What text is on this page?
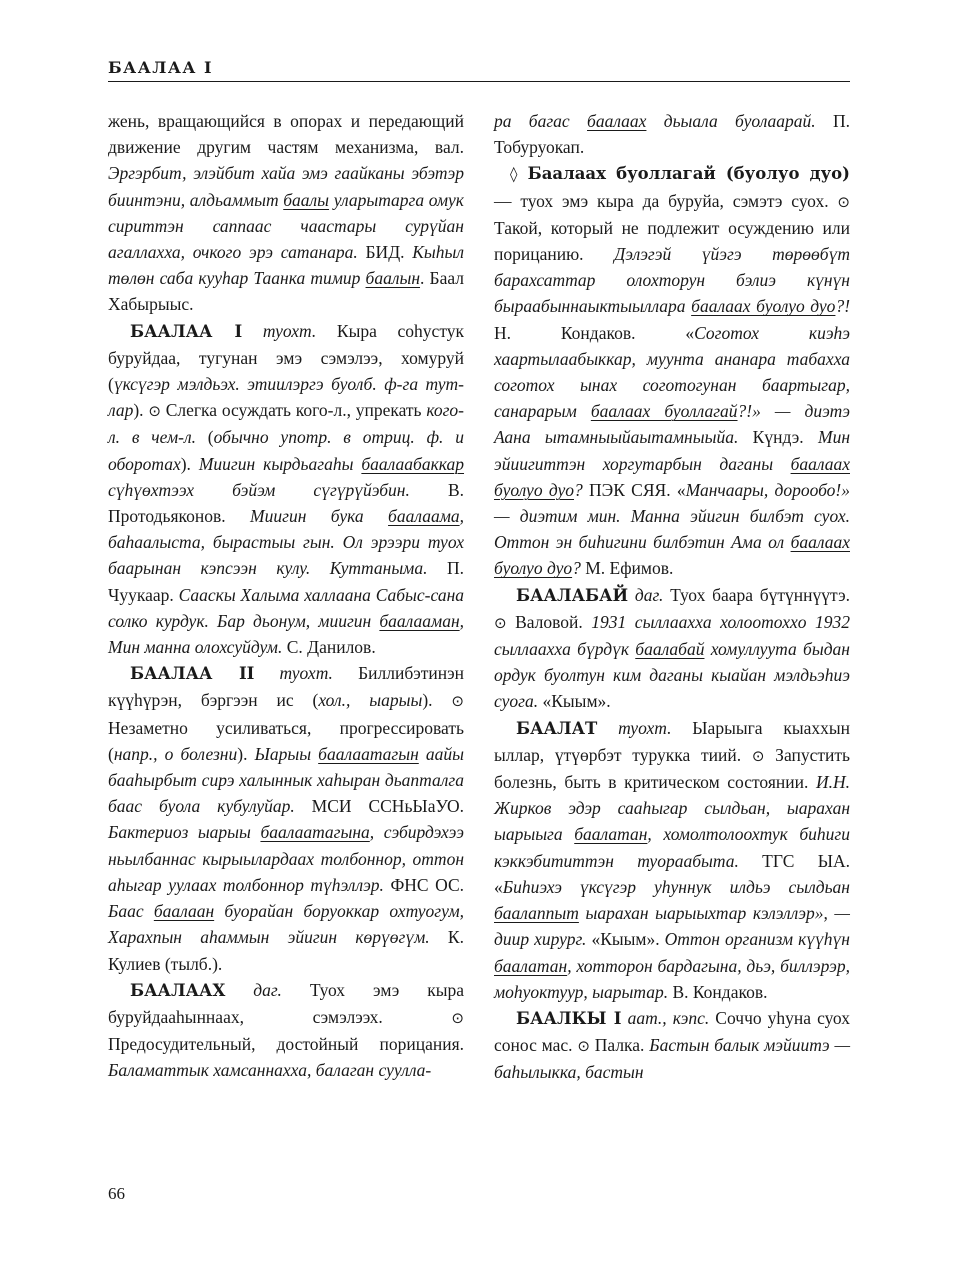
БААЛАА I

жень, вращающийся в опорах и передающий движение другим частям механизма, вал. Эргэрбит, элэйбит хайа эмэ гаайканы эбэтэр биинтэни, алдьаммыт баалы уларытарга омук сириттэн саппаас чаастары сурүйан агаллахха, очкогo эрэ сатанара. БИД. Кыһыл төлөн саба кууһар Таанка тимир баалын. Баал Хабырыыс.

БААЛАА I туохт. Кыра соһустук буруйдаа, тугунан эмэ сэмэлээ, хомуруй (үксүгэр мэлдьэх. этиилэргэ буолб. ф-га тут-лар). ⊙ Слегка осуждать кого-л., упрекать кого-л. в чем-л. (обычно употр. в отриц. ф. и оборотах). Миигин кырдьагаһы баалаабаккар сүһүөхтээх бэйэм сүгүрүйэбин. В. Протодьяконов. Миигин бука баалаама, баһаалыста, бырастыы гын. Ол эрээри туох баарынан кэпсээн кулу. Куттаныма. П. Чуукаар. Сааскы Халыма халлаана Сабыс-сана солко курдук. Бар дьонум, миигин баалааман, Мин манна олохсуйдум. С. Данилов.

БААЛАА II туохт. Биллибэтинэн күүһүрэн, бэргээн ис (хол., ыарыы). ⊙ Незаметно усиливаться, прогрессировать (напр., о болезни). Ыарыы баалаатагын аайы бааһырбыт сирэ халыннык хаһыран дьапталга баас буола кубулуйар. МСИ ССНьЫаУО. Бактериоз ыарыы баалаатагына, сэбирдэхээ ньылбаннас кырыылардаах толбоннор, оттон аһыгар уулаах толбоннор түһэллэр. ФНС ОС. Баас баалаан буорайан боруоккар охтуогум, Харахпын аһаммын эйигин көрүөгүм. К. Кулиев (тылб.).

БААЛААХ даг. Туох эмэ кыра буруйдааһыннаах, сэмэлээх. ⊙ Предосудительный, достойный порицания. Баламаттык хамсаннахха, балаган суулла-

ра багас баалаах дьыала буолаарай. П. Тобуруокап.

◊ Баалаах буоллагай (буолуо дуо) — туох эмэ кыра да буруйа, сэмэтэ суох. ⊙ Такой, который не подлежит осуждению или порицанию. Дэлэгэй үйэгэ төрөөбүт барахсаттар олохторун бэлиэ күнүн быраабыннаыктыыллара баалаах буолуо дуо?! Н. Кондаков. «Соготох киэһэ хаартылаабыккар, муунта ананара табахха соготох ынах соготогунан баартыгар, санарарым баалаах буоллагай?!» — диэтэ Аана ытамныыйаытамныыйа. Күндэ. Мин эйиигиттэн хоргутарбын даганы баалаах буолуо дуо? ПЭК СЯЯ. «Манчаары, дорообо!» — диэтим мин. Манна эйигин билбэт суох. Оттон эн биһигини билбэтин Ама ол баалаах буолуо дуо? М. Ефимов.

БААЛАБАЙ даг. Туох баара бүтүннүүтэ. ⊙ Валовой. 1931 сыллааххa холоотохxo 1932 сыллааххa бүрдүк баалабай хомуллуута быдан ордук буолтун ким даганы кыайан мэлдьэһиэ суога. «Кыым».

БААЛАТ туохт. Ыарыыга кыаххын ыллар, үтүөрбэт турукка тиий. ⊙ Запустить болезнь, быть в критическом состоянии. И.Н. Жирков эдэр сааһыгар сылдьан, ыарахан ыарыыга баалатан, хомолтолоохтук биһиги кэккэбититтэн туораабыта. ТГС ЫА. «Биһиэхэ үксүгэр уһуннук илдьэ сылдьан баалаппыт ыарахан ыарыыхтар кэлэллэр», — диир хирург. «Кыым». Оттон организм күүһүн баалатан, хотторон бардагына, дьэ, биллэрэр, моһуоктуур, ыарытар. В. Кондаков.

БААЛКЫ I аат., кэпс. Соччо уһуна суох сонос мас. ⊙ Палка. Бастын балык мэйиитэ — баһылыкка, бастын

66
